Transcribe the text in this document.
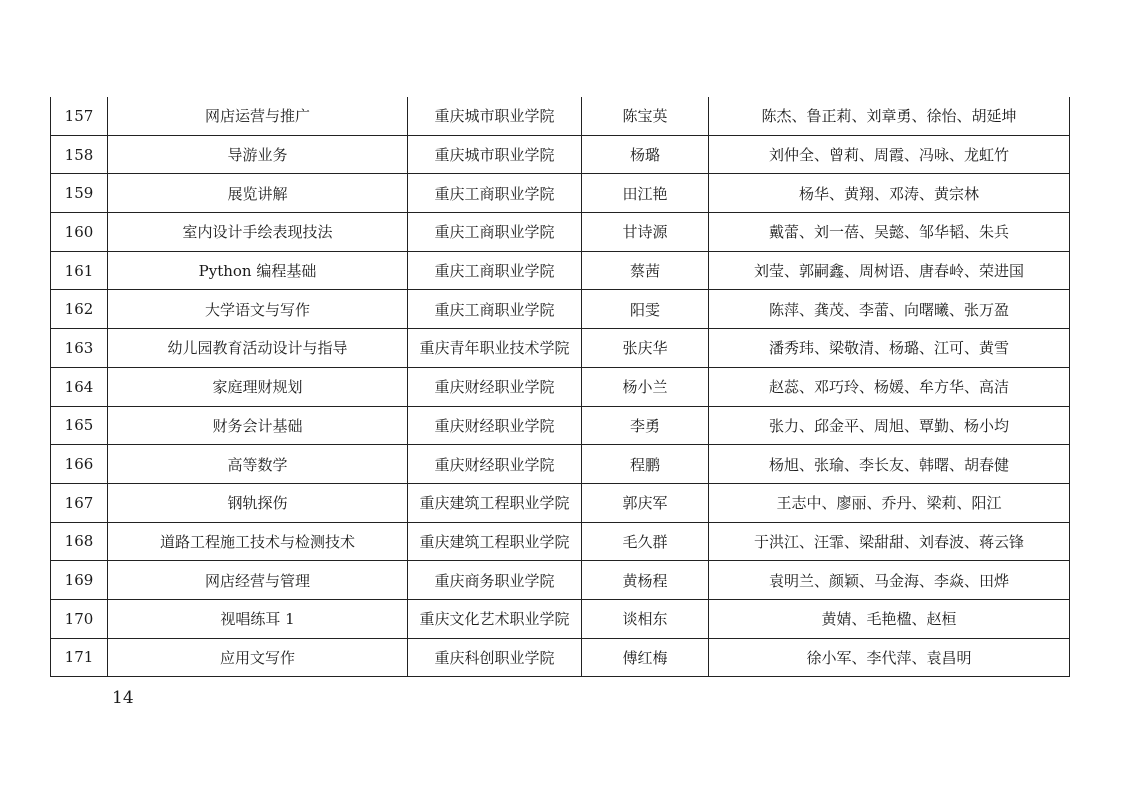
157	网店运营与推广	重庆城市职业学院	陈宝英	陈杰、鲁正莉、刘章勇、徐怡、胡延坤
158	导游业务	重庆城市职业学院	杨璐	刘仲全、曾莉、周霞、冯咏、龙虹竹
159	展览讲解	重庆工商职业学院	田江艳	杨华、黄翔、邓涛、黄宗林
160	室内设计手绘表现技法	重庆工商职业学院	甘诗源	戴蕾、刘一蓓、吴懿、邹华韬、朱兵
161	Python 编程基础	重庆工商职业学院	蔡茜	刘莹、郭嗣鑫、周树语、唐春岭、荣进国
162	大学语文与写作	重庆工商职业学院	阳雯	陈萍、龚茂、李蕾、向曙曦、张万盈
163	幼儿园教育活动设计与指导	重庆青年职业技术学院	张庆华	潘秀玮、梁敬清、杨璐、江可、黄雪
164	家庭理财规划	重庆财经职业学院	杨小兰	赵蕊、邓巧玲、杨媛、牟方华、高洁
165	财务会计基础	重庆财经职业学院	李勇	张力、邱金平、周旭、覃勤、杨小均
166	高等数学	重庆财经职业学院	程鹏	杨旭、张瑜、李长友、韩曙、胡春健
167	钢轨探伤	重庆建筑工程职业学院	郭庆军	王志中、廖丽、乔丹、梁莉、阳江
168	道路工程施工技术与检测技术	重庆建筑工程职业学院	毛久群	于洪江、汪霏、梁甜甜、刘春波、蒋云锋
169	网店经营与管理	重庆商务职业学院	黄杨程	袁明兰、颜颖、马金海、李焱、田烨
170	视唱练耳 1	重庆文化艺术职业学院	谈相东	黄婧、毛艳楹、赵桓
171	应用文写作	重庆科创职业学院	傅红梅	徐小军、李代萍、袁昌明
14
